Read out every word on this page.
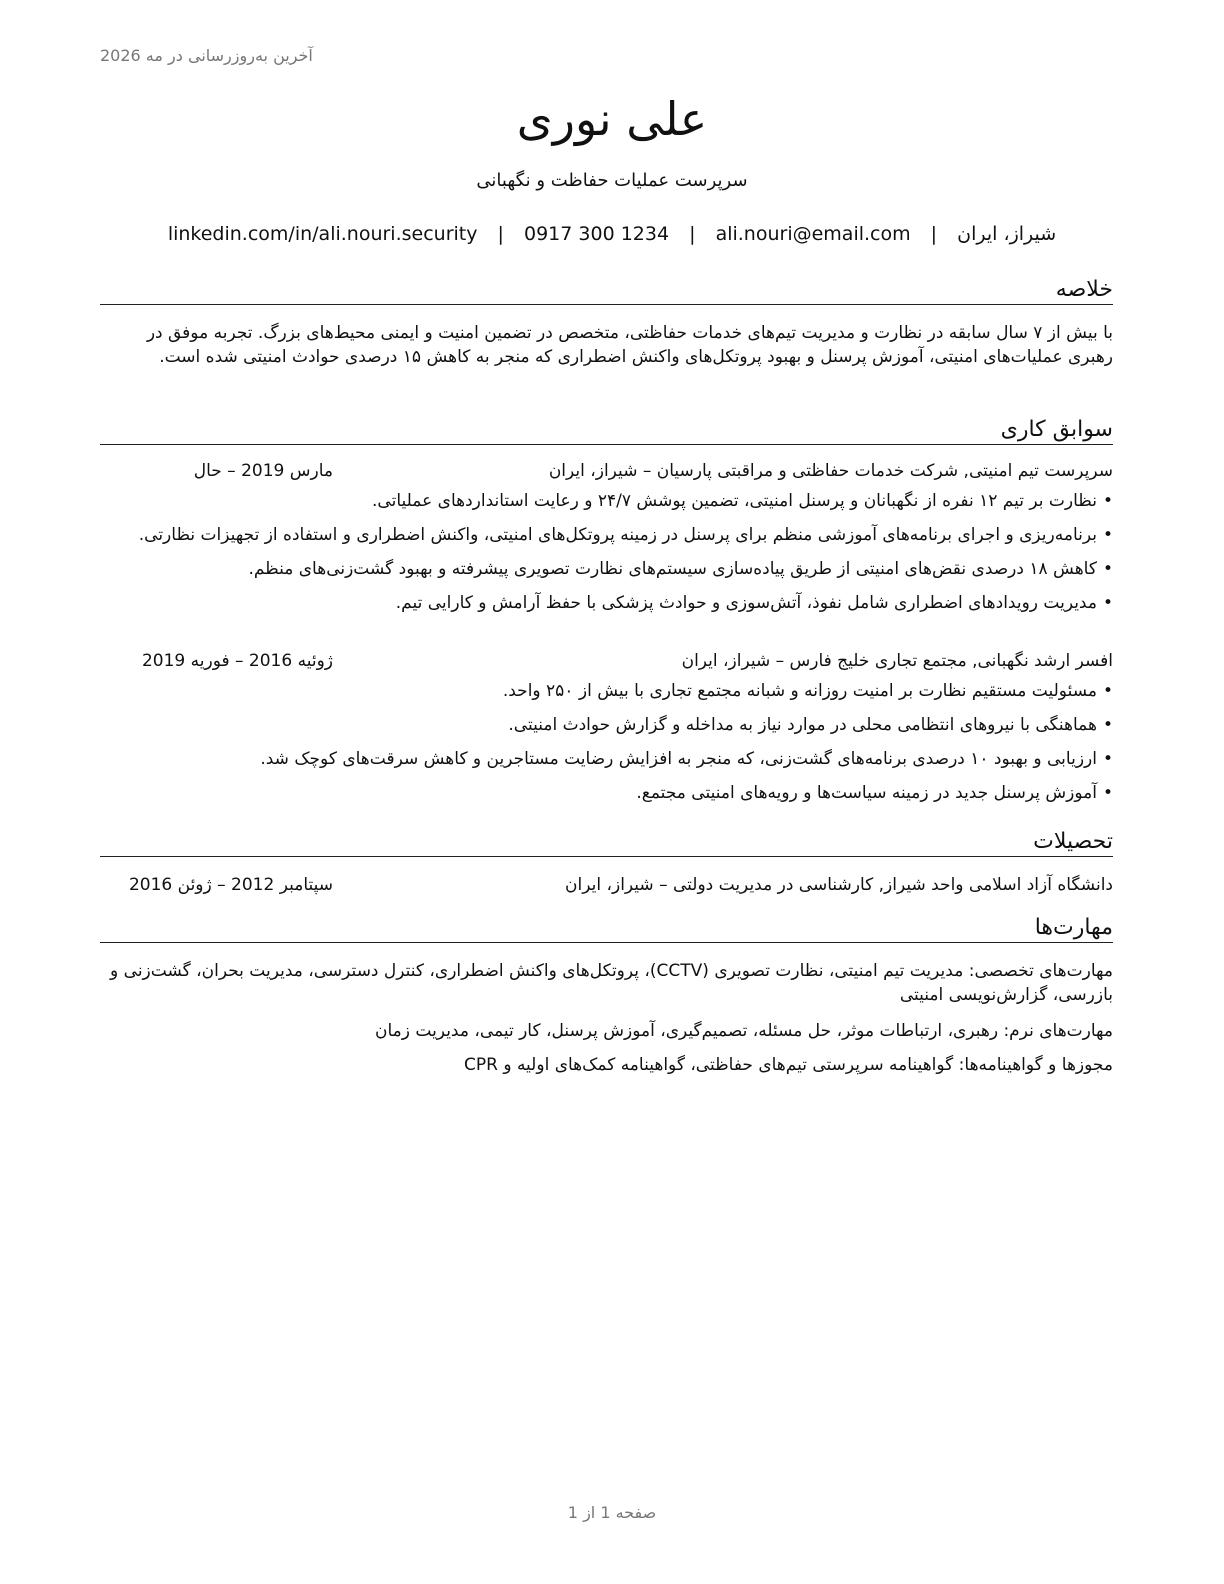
آخرین به‌روزرسانی در مه 2026
علی نوری
سرپرست عملیات حفاظت و نگهبانی
شیراز، ایران | ali.nouri@email.com | 0917 300 1234 | linkedin.com/in/ali.nouri.security
خلاصه
با بیش از ۷ سال سابقه در نظارت و مدیریت تیم‌های خدمات حفاظتی، متخصص در تضمین امنیت و ایمنی محیط‌های بزرگ. تجربه موفق در رهبری عملیات‌های امنیتی، آموزش پرسنل و بهبود پروتکل‌های واکنش اضطراری که منجر به کاهش ۱۵ درصدی حوادث امنیتی شده است.
سوابق کاری
سرپرست تیم امنیتی, شرکت خدمات حفاظتی و مراقبتی پارسیان – شیراز، ایران
مارس 2019 – حال
•نظارت بر تیم ۱۲ نفره از نگهبانان و پرسنل امنیتی، تضمین پوشش ۲۴/۷ و رعایت استانداردهای عملیاتی.
•برنامه‌ریزی و اجرای برنامه‌های آموزشی منظم برای پرسنل در زمینه پروتکل‌های امنیتی، واکنش اضطراری و استفاده از تجهیزات نظارتی.
•کاهش ۱۸ درصدی نقض‌های امنیتی از طریق پیاده‌سازی سیستم‌های نظارت تصویری پیشرفته و بهبود گشت‌زنی‌های منظم.
•مدیریت رویدادهای اضطراری شامل نفوذ، آتش‌سوزی و حوادث پزشکی با حفظ آرامش و کارایی تیم.
افسر ارشد نگهبانی, مجتمع تجاری خلیج فارس – شیراز، ایران
ژوئیه 2016 – فوریه 2019
•مسئولیت مستقیم نظارت بر امنیت روزانه و شبانه مجتمع تجاری با بیش از ۲۵۰ واحد.
•هماهنگی با نیروهای انتظامی محلی در موارد نیاز به مداخله و گزارش حوادث امنیتی.
•ارزیابی و بهبود ۱۰ درصدی برنامه‌های گشت‌زنی، که منجر به افزایش رضایت مستاجرین و کاهش سرقت‌های کوچک شد.
•آموزش پرسنل جدید در زمینه سیاست‌ها و رویه‌های امنیتی مجتمع.
تحصیلات
دانشگاه آزاد اسلامی واحد شیراز, کارشناسی در مدیریت دولتی – شیراز، ایران
سپتامبر 2012 – ژوئن 2016
مهارت‌ها
مهارت‌های تخصصی: مدیریت تیم امنیتی، نظارت تصویری (CCTV)، پروتکل‌های واکنش اضطراری، کنترل دسترسی، مدیریت بحران، گشت‌زنی و بازرسی، گزارش‌نویسی امنیتی
مهارت‌های نرم: رهبری، ارتباطات موثر، حل مسئله، تصمیم‌گیری، آموزش پرسنل، کار تیمی، مدیریت زمان
مجوزها و گواهینامه‌ها: گواهینامه سرپرستی تیم‌های حفاظتی، گواهینامه کمک‌های اولیه و CPR
صفحه 1 از 1
